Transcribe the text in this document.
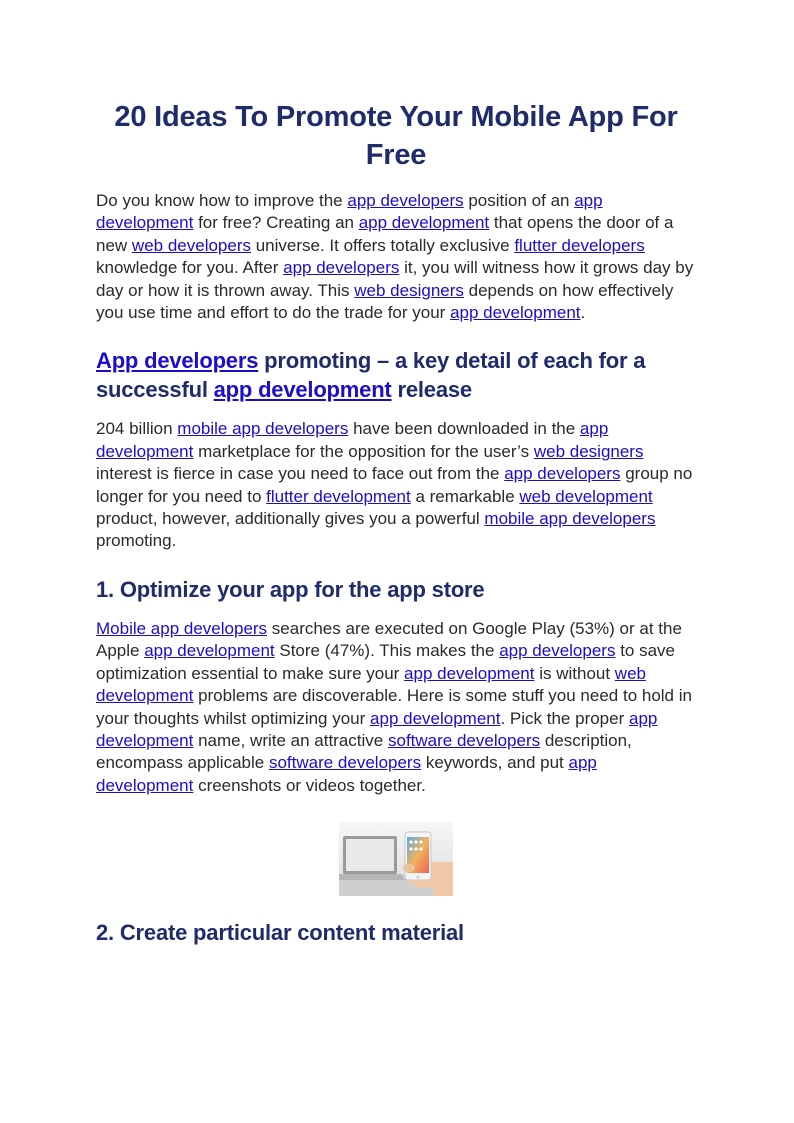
20 Ideas To Promote Your Mobile App For Free

Do you know how to improve the app developers position of an app development for free? Creating an app development that opens the door of a new web developers universe. It offers totally exclusive flutter developers knowledge for you. After app developers it, you will witness how it grows day by day or how it is thrown away. This web designers depends on how effectively you use time and effort to do the trade for your app development.

App developers promoting – a key detail of each for a successful app development release

204 billion mobile app developers have been downloaded in the app development marketplace for the opposition for the user’s web designers interest is fierce in case you need to face out from the app developers group no longer for you need to flutter development a remarkable web development product, however, additionally gives you a powerful mobile app developers promoting.

1. Optimize your app for the app store

Mobile app developers searches are executed on Google Play (53%) or at the Apple app development Store (47%). This makes the app developers to save optimization essential to make sure your app development is without web development problems are discoverable. Here is some stuff you need to hold in your thoughts whilst optimizing your app development. Pick the proper app development name, write an attractive software developers description, encompass applicable software developers keywords, and put app development creenshots or videos together.

2. Create particular content material
